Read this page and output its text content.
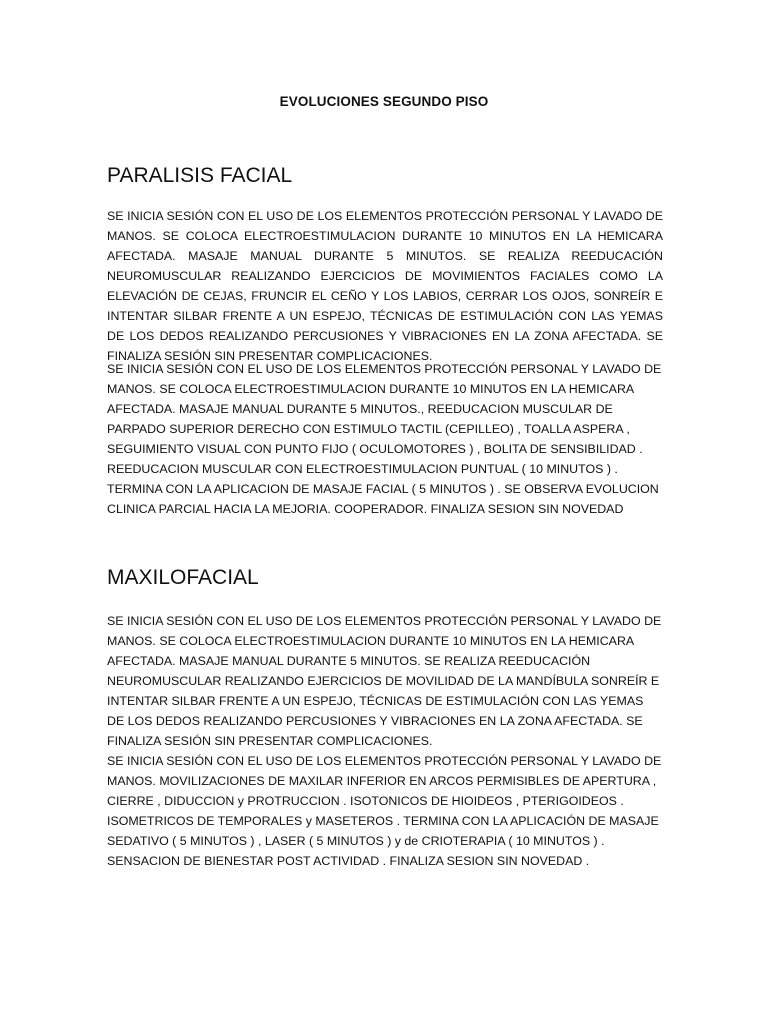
EVOLUCIONES SEGUNDO PISO
PARALISIS FACIAL

SE INICIA SESIÓN CON EL USO DE LOS ELEMENTOS PROTECCIÓN PERSONAL Y LAVADO DE MANOS. SE COLOCA ELECTROESTIMULACION DURANTE 10 MINUTOS EN LA HEMICARA AFECTADA. MASAJE MANUAL DURANTE 5 MINUTOS. SE REALIZA REEDUCACIÓN NEUROMUSCULAR REALIZANDO EJERCICIOS DE MOVIMIENTOS FACIALES COMO LA ELEVACIÓN DE CEJAS, FRUNCIR EL CEÑO Y LOS LABIOS, CERRAR LOS OJOS, SONREÍR E INTENTAR SILBAR FRENTE A UN ESPEJO, TÉCNICAS DE ESTIMULACIÓN CON LAS YEMAS DE LOS DEDOS REALIZANDO PERCUSIONES Y VIBRACIONES EN LA ZONA AFECTADA. SE FINALIZA SESIÓN SIN PRESENTAR COMPLICACIONES.

SE INICIA SESIÓN CON EL USO DE LOS ELEMENTOS PROTECCIÓN PERSONAL Y LAVADO DE MANOS. SE COLOCA ELECTROESTIMULACION DURANTE 10 MINUTOS EN LA HEMICARA AFECTADA. MASAJE MANUAL DURANTE 5 MINUTOS., REEDUCACION MUSCULAR DE PARPADO SUPERIOR DERECHO CON ESTIMULO TACTIL (CEPILLEO) , TOALLA ASPERA , SEGUIMIENTO VISUAL CON PUNTO FIJO ( OCULOMOTORES ) , BOLITA DE SENSIBILIDAD . REEDUCACION MUSCULAR CON ELECTROESTIMULACION PUNTUAL ( 10 MINUTOS ) . TERMINA CON LA APLICACION DE MASAJE FACIAL ( 5 MINUTOS ) . SE OBSERVA EVOLUCION CLINICA PARCIAL HACIA LA MEJORIA. COOPERADOR. FINALIZA SESION SIN NOVEDAD

MAXILOFACIAL

SE INICIA SESIÓN CON EL USO DE LOS ELEMENTOS PROTECCIÓN PERSONAL Y LAVADO DE MANOS. SE COLOCA ELECTROESTIMULACION DURANTE 10 MINUTOS EN LA HEMICARA AFECTADA. MASAJE MANUAL DURANTE 5 MINUTOS. SE REALIZA REEDUCACIÓN NEUROMUSCULAR REALIZANDO EJERCICIOS DE MOVILIDAD DE LA MANDÍBULA SONREÍR E INTENTAR SILBAR FRENTE A UN ESPEJO, TÉCNICAS DE ESTIMULACIÓN CON LAS YEMAS DE LOS DEDOS REALIZANDO PERCUSIONES Y VIBRACIONES EN LA ZONA AFECTADA. SE FINALIZA SESIÓN SIN PRESENTAR COMPLICACIONES.

SE INICIA SESIÓN CON EL USO DE LOS ELEMENTOS PROTECCIÓN PERSONAL Y LAVADO DE MANOS. MOVILIZACIONES DE MAXILAR INFERIOR EN ARCOS PERMISIBLES DE APERTURA , CIERRE , DIDUCCION y PROTRUCCION . ISOTONICOS DE HIOIDEOS , PTERIGOIDEOS . ISOMETRICOS DE TEMPORALES y MASETEROS . TERMINA CON LA APLICACIÓN DE MASAJE SEDATIVO ( 5 MINUTOS ) , LASER ( 5 MINUTOS ) y de CRIOTERAPIA ( 10 MINUTOS ) . SENSACION DE BIENESTAR POST ACTIVIDAD . FINALIZA SESION SIN NOVEDAD .
